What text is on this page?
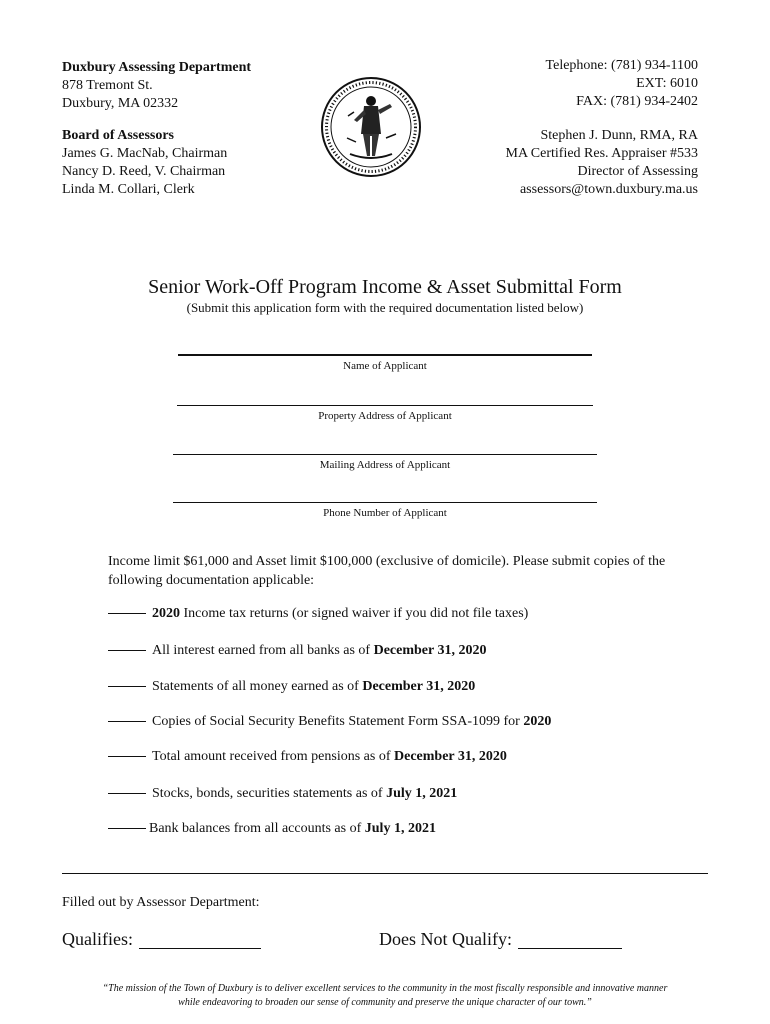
Duxbury Assessing Department
878 Tremont St.
Duxbury, MA 02332
Board of Assessors
James G. MacNab, Chairman
Nancy D. Reed, V. Chairman
Linda M. Collari, Clerk
Telephone: (781) 934-1100
EXT: 6010
FAX: (781) 934-2402
Stephen J. Dunn, RMA, RA
MA Certified Res. Appraiser #533
Director of Assessing
assessors@town.duxbury.ma.us
Senior Work-Off Program Income & Asset Submittal Form
(Submit this application form with the required documentation listed below)
Name of Applicant
Property Address of Applicant
Mailing Address of Applicant
Phone Number of Applicant
Income limit $61,000 and Asset limit $100,000 (exclusive of domicile). Please submit copies of the following documentation applicable:
2020 Income tax returns (or signed waiver if you did not file taxes)
All interest earned from all banks as of December 31, 2020
Statements of all money earned as of December 31, 2020
Copies of Social Security Benefits Statement Form SSA-1099 for 2020
Total amount received from pensions as of December 31, 2020
Stocks, bonds, securities statements as of July 1, 2021
Bank balances from all accounts as of July 1, 2021
Filled out by Assessor Department:
Qualifies:	Does Not Qualify:
“The mission of the Town of Duxbury is to deliver excellent services to the community in the most fiscally responsible and innovative manner
while endeavoring to broaden our sense of community and preserve the unique character of our town.”
